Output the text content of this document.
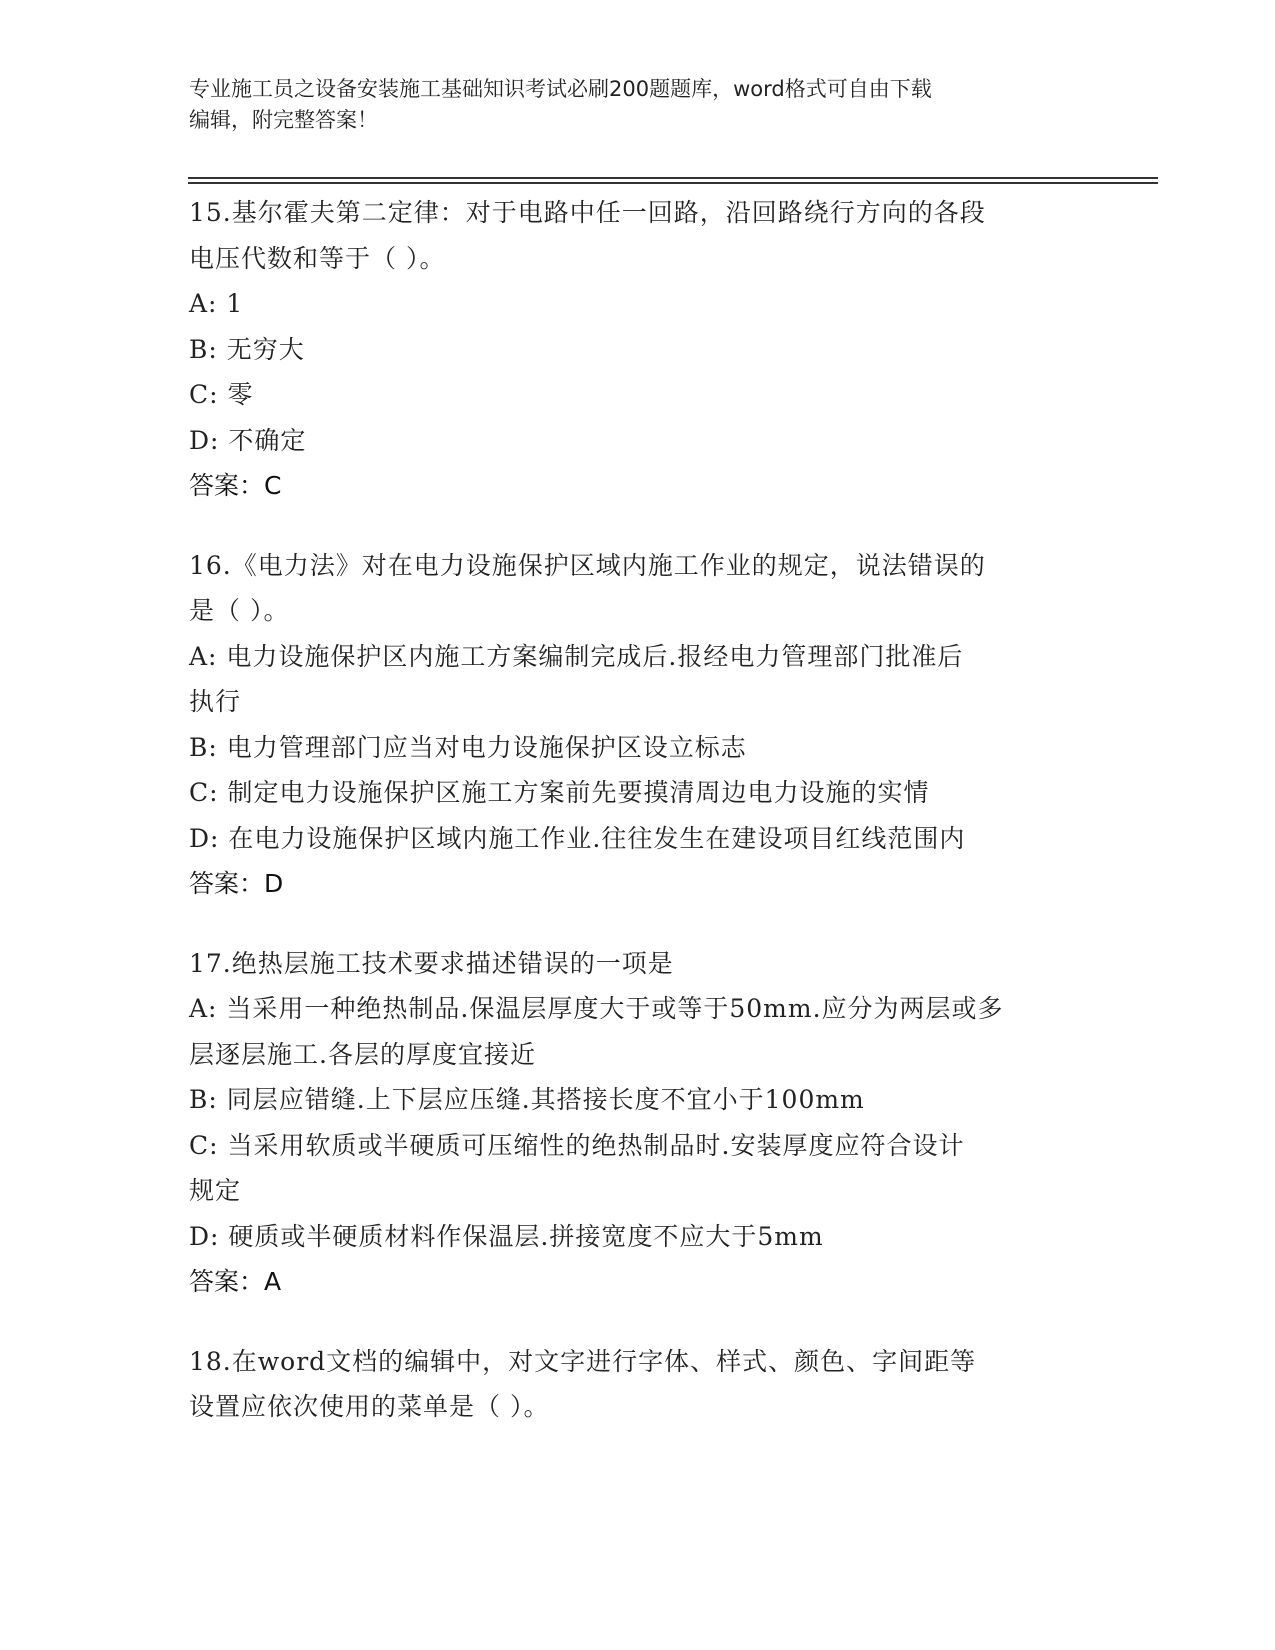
专业施工员之设备安装施工基础知识考试必刷200题题库，word格式可自由下载
编辑，附完整答案！
15.基尔霍夫第二定律：对于电路中任一回路，沿回路绕行方向的各段
电压代数和等于（ ）。
A: 1
B: 无穷大
C: 零
D: 不确定
答案：C
16.《电力法》对在电力设施保护区域内施工作业的规定，说法错误的
是（ ）。
A: 电力设施保护区内施工方案编制完成后.报经电力管理部门批准后
执行
B: 电力管理部门应当对电力设施保护区设立标志
C: 制定电力设施保护区施工方案前先要摸清周边电力设施的实情
D: 在电力设施保护区域内施工作业.往往发生在建设项目红线范围内
答案：D
17.绝热层施工技术要求描述错误的一项是
A: 当采用一种绝热制品.保温层厚度大于或等于50mm.应分为两层或多
层逐层施工.各层的厚度宜接近
B: 同层应错缝.上下层应压缝.其搭接长度不宜小于100mm
C: 当采用软质或半硬质可压缩性的绝热制品时.安装厚度应符合设计
规定
D: 硬质或半硬质材料作保温层.拼接宽度不应大于5mm
答案：A
18.在word文档的编辑中，对文字进行字体、样式、颜色、字间距等
设置应依次使用的菜单是（ ）。
